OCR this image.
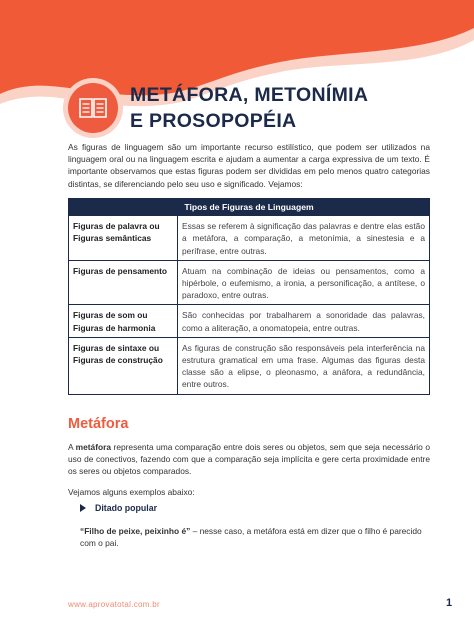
METÁFORA, METONÍMIA
E PROSOPOPÉIA
As figuras de linguagem são um importante recurso estilístico, que podem ser utilizados na linguagem oral ou na linguagem escrita e ajudam a aumentar a carga expressiva de um texto. É importante observamos que estas figuras podem ser divididas em pelo menos quatro categorias distintas, se diferenciando pelo seu uso e significado. Vejamos:
Tipos de Figuras de Linguagem	
Figuras de palavra ou Figuras semânticas	Essas se referem à significação das palavras e dentre elas estão a metáfora, a comparação, a metonímia, a sinestesia e a perífrase, entre outras.
Figuras de pensamento	Atuam na combinação de ideias ou pensamentos, como a hipérbole, o eufemismo, a ironia, a personificação, a antítese, o paradoxo, entre outras.
Figuras de som ou Figuras de harmonia	São conhecidas por trabalharem a sonoridade das palavras, como a aliteração, a onomatopeia, entre outras.
Figuras de sintaxe ou Figuras de construção	As figuras de construção são responsáveis pela interferência na estrutura gramatical em uma frase. Algumas das figuras desta classe são a elipse, o pleonasmo, a anáfora, a redundância, entre outros.
Metáfora
A metáfora representa uma comparação entre dois seres ou objetos, sem que seja necessário o uso de conectivos, fazendo com que a comparação seja implícita e gere certa proximidade entre os seres ou objetos comparados.
Vejamos alguns exemplos abaixo:
Ditado popular
“Filho de peixe, peixinho é” – nesse caso, a metáfora está em dizer que o filho é parecido com o pai.
www.aprovatotal.com.br	1
